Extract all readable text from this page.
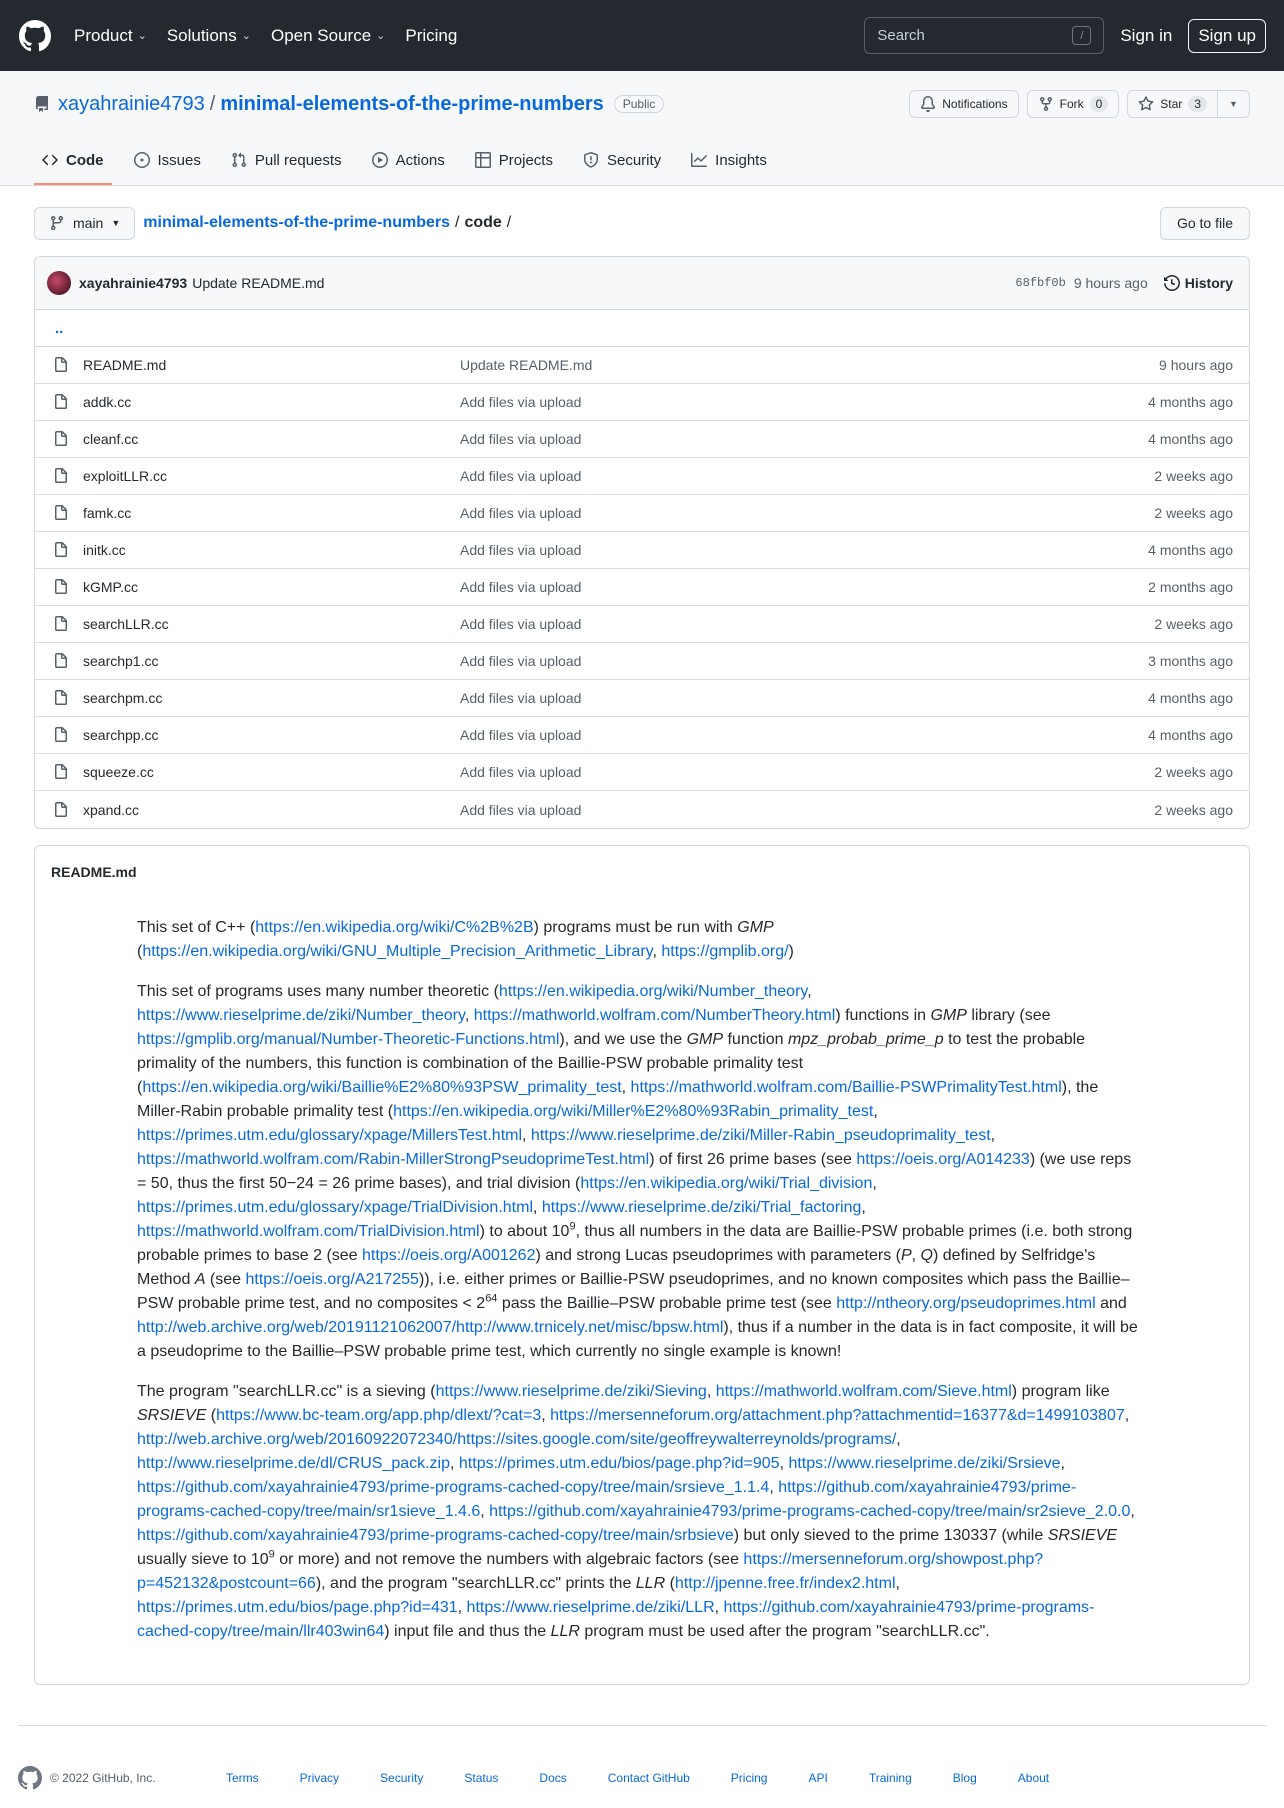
Product ⌄ Solutions ⌄ Open Source ⌄ Pricing	Search	/	Sign in	Sign up
xayahrainie4793 / minimal-elements-of-the-prime-numbers	Public	Notifications	Fork	0	Star	3	▼
Code	Issues	Pull requests	Actions	Projects	Security	Insights
main ▼ minimal-elements-of-the-prime-numbers / code /	Go to file
xayahrainie4793 Update README.md	68fbf0b 9 hours ago	History
..
README.md	Update README.md	9 hours ago
addk.cc	Add files via upload	4 months ago
cleanf.cc	Add files via upload	4 months ago
exploitLLR.cc	Add files via upload	2 weeks ago
famk.cc	Add files via upload	2 weeks ago
initk.cc	Add files via upload	4 months ago
kGMP.cc	Add files via upload	2 months ago
searchLLR.cc	Add files via upload	2 weeks ago
searchp1.cc	Add files via upload	3 months ago
searchpm.cc	Add files via upload	4 months ago
searchpp.cc	Add files via upload	4 months ago
squeeze.cc	Add files via upload	2 weeks ago
xpand.cc	Add files via upload	2 weeks ago
README.md

This set of C++ (https://en.wikipedia.org/wiki/C%2B%2B) programs must be run with GMP (https://en.wikipedia.org/wiki/GNU_Multiple_Precision_Arithmetic_Library, https://gmplib.org/)

This set of programs uses many number theoretic (https://en.wikipedia.org/wiki/Number_theory, https://www.rieselprime.de/ziki/Number_theory, https://mathworld.wolfram.com/NumberTheory.html) functions in GMP library (see https://gmplib.org/manual/Number-Theoretic-Functions.html), and we use the GMP function mpz_probab_prime_p to test the probable primality of the numbers, this function is combination of the Baillie-PSW probable primality test (https://en.wikipedia.org/wiki/Baillie%E2%80%93PSW_primality_test, https://mathworld.wolfram.com/Baillie-PSWPrimalityTest.html), the Miller-Rabin probable primality test (https://en.wikipedia.org/wiki/Miller%E2%80%93Rabin_primality_test, https://primes.utm.edu/glossary/xpage/MillersTest.html, https://www.rieselprime.de/ziki/Miller-Rabin_pseudoprimality_test, https://mathworld.wolfram.com/Rabin-MillerStrongPseudoprimeTest.html) of first 26 prime bases (see https://oeis.org/A014233) (we use reps = 50, thus the first 50−24 = 26 prime bases), and trial division (https://en.wikipedia.org/wiki/Trial_division, https://primes.utm.edu/glossary/xpage/TrialDivision.html, https://www.rieselprime.de/ziki/Trial_factoring, https://mathworld.wolfram.com/TrialDivision.html) to about $10^9$, thus all numbers in the data are Baillie-PSW probable primes (i.e. both strong probable primes to base 2 (see https://oeis.org/A001262) and strong Lucas pseudoprimes with parameters (P, Q) defined by Selfridge's Method A (see https://oeis.org/A217255)), i.e. either primes or Baillie-PSW pseudoprimes, and no known composites which pass the Baillie–PSW probable prime test, and no composites < $2^{64}$ pass the Baillie–PSW probable prime test (see http://ntheory.org/pseudoprimes.html and http://web.archive.org/web/20191121062007/http://www.trnicely.net/misc/bpsw.html), thus if a number in the data is in fact composite, it will be a pseudoprime to the Baillie–PSW probable prime test, which currently no single example is known!

The program "searchLLR.cc" is a sieving (https://www.rieselprime.de/ziki/Sieving, https://mathworld.wolfram.com/Sieve.html) program like SRSIEVE (https://www.bc-team.org/app.php/dlext/?cat=3, https://mersenneforum.org/attachment.php?attachmentid=16377&d=1499103807, http://web.archive.org/web/20160922072340/https://sites.google.com/site/geoffreywalterreynolds/programs/, http://www.rieselprime.de/dl/CRUS_pack.zip, https://primes.utm.edu/bios/page.php?id=905, https://www.rieselprime.de/ziki/Srsieve, https://github.com/xayahrainie4793/prime-programs-cached-copy/tree/main/srsieve_1.1.4, https://github.com/xayahrainie4793/prime-programs-cached-copy/tree/main/sr1sieve_1.4.6, https://github.com/xayahrainie4793/prime-programs-cached-copy/tree/main/sr2sieve_2.0.0, https://github.com/xayahrainie4793/prime-programs-cached-copy/tree/main/srbsieve) but only sieved to the prime 130337 (while SRSIEVE usually sieve to $10^9$ or more) and not remove the numbers with algebraic factors (see https://mersenneforum.org/showpost.php?p=452132&postcount=66), and the program "searchLLR.cc" prints the LLR (http://jpenne.free.fr/index2.html, https://primes.utm.edu/bios/page.php?id=431, https://www.rieselprime.de/ziki/LLR, https://github.com/xayahrainie4793/prime-programs-cached-copy/tree/main/llr403win64) input file and thus the LLR program must be used after the program "searchLLR.cc".

© 2022 GitHub, Inc.	Terms	Privacy	Security	Status	Docs	Contact GitHub	Pricing	API	Training	Blog	About
